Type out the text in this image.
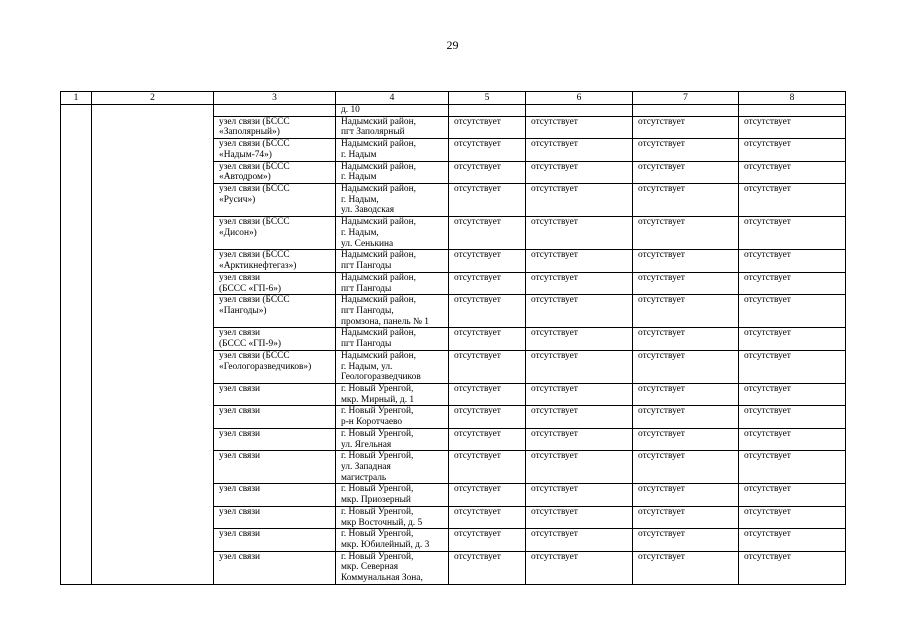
29
1	2	3	4	5	6	7	8

			д. 10				

		узел связи (БССС
«Заполярный»)	Надымский район,
пгт Заполярный	отсутствует	отсутствует	отсутствует	отсутствует

		узел связи (БССС
«Надым-74»)	Надымский район,
г. Надым	отсутствует	отсутствует	отсутствует	отсутствует

		узел связи (БССС
«Автодром»)	Надымский район,
г. Надым	отсутствует	отсутствует	отсутствует	отсутствует

		узел связи (БССС
«Русич»)	Надымский район,
г. Надым,
ул. Заводская	отсутствует	отсутствует	отсутствует	отсутствует

		узел связи (БССС
«Дисон»)	Надымский район,
г. Надым,
ул. Сенькина	отсутствует	отсутствует	отсутствует	отсутствует

		узел связи (БССС
«Арктикнефтегаз»)	Надымский район,
пгт Пангоды	отсутствует	отсутствует	отсутствует	отсутствует

		узел связи
(БССС «ГП-6»)	Надымский район,
пгт Пангоды	отсутствует	отсутствует	отсутствует	отсутствует

		узел связи (БССС
«Пангоды»)	Надымский район,
пгт Пангоды,
промзона, панель № 1	отсутствует	отсутствует	отсутствует	отсутствует

		узел связи
(БССС «ГП-9»)	Надымский район,
пгт Пангоды	отсутствует	отсутствует	отсутствует	отсутствует

		узел связи (БССС
«Геологоразведчиков»)	Надымский район,
г. Надым, ул.
Геологоразведчиков	отсутствует	отсутствует	отсутствует	отсутствует

		узел связи	г. Новый Уренгой,
мкр. Мирный, д. 1	отсутствует	отсутствует	отсутствует	отсутствует

		узел связи	г. Новый Уренгой,
р-н Коротчаево	отсутствует	отсутствует	отсутствует	отсутствует

		узел связи	г. Новый Уренгой,
ул. Ягельная	отсутствует	отсутствует	отсутствует	отсутствует

		узел связи	г. Новый Уренгой,
ул. Западная
магистраль	отсутствует	отсутствует	отсутствует	отсутствует

		узел связи	г. Новый Уренгой,
мкр. Приозерный	отсутствует	отсутствует	отсутствует	отсутствует

		узел связи	г. Новый Уренгой,
мкр Восточный, д. 5	отсутствует	отсутствует	отсутствует	отсутствует

		узел связи	г. Новый Уренгой,
мкр. Юбилейный, д. 3	отсутствует	отсутствует	отсутствует	отсутствует

		узел связи	г. Новый Уренгой,
мкр. Северная
Коммунальная Зона,	отсутствует	отсутствует	отсутствует	отсутствует
